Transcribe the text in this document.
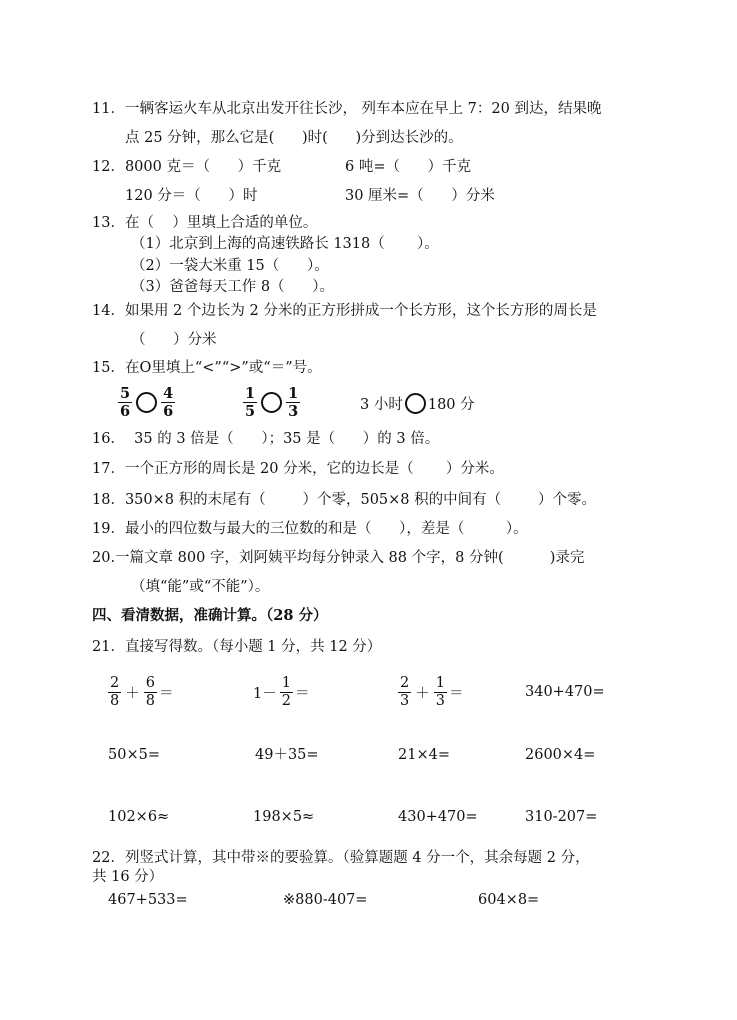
11．一辆客运火车从北京出发开往长沙， 列车本应在早上 7：20 到达，结果晚
点 25 分钟，那么它是(      )时(      )分到达长沙的。
12．8000 克＝（      ）千克	6 吨=（      ）千克
120 分＝（      ）时	30 厘米=（      ）分米
13．在（    ）里填上合适的单位。
（1）北京到上海的高速铁路长 1318（       ）。
（2）一袋大米重 15（      ）。
（3）爸爸每天工作 8（      ）。
14．如果用 2 个边长为 2 分米的正方形拼成一个长方形，这个长方形的周长是
（      ）分米
15．在O里填上“<”“>”或“＝”号。
$\frac{5}{6} \frac{4}{6}$	$\frac{1}{5} \frac{1}{3}$	3 小时 180 分
16．  35 的 3 倍是（      ）；35 是（      ）的 3 倍。
17．一个正方形的周长是 20 分米，它的边长是（       ）分米。
18．350×8 积的末尾有（        ）个零，505×8 积的中间有（        ）个零。
19．最小的四位数与最大的三位数的和是（      ），差是（         ）。
20.一篇文章 800 字，刘阿姨平均每分钟录入 88 个字，8 分钟(          )录完
（填“能”或“不能”）。
四、看清数据，准确计算。（28 分）
21．直接写得数。（每小题 1 分，共 12 分）
$\frac{2}{8} + \frac{6}{8}$ ＝	$1- \frac{1}{2}$ ＝	$\frac{2}{3} + \frac{1}{3}$ ＝	340+470=
50×5=	49＋35=	21×4=	2600×4=
102×6≈	198×5≈	430+470=	310-207=
22．列竖式计算，其中带※的要验算。（验算题题 4 分一个，其余每题 2 分，
共 16 分）
467+533=	※880-407=	604×8=
